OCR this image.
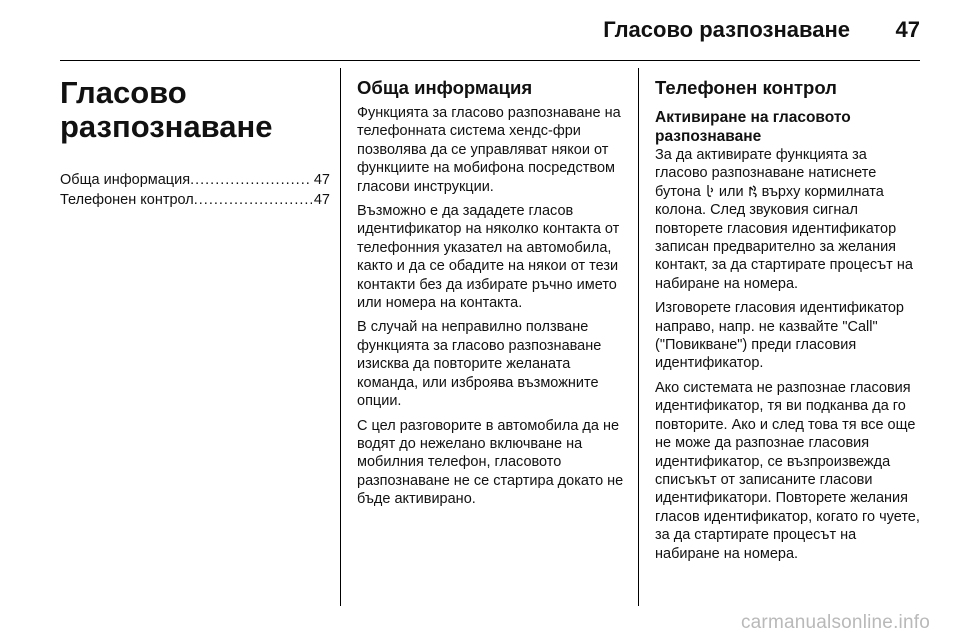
Гласово разпознаване 47
Гласово
разпознаване
Обща информация .....	47
Телефонен контрол .....	47
Обща информация

Функцията за гласово разпознаване на телефонната система хендс-фри позволява да се управляват някои от функциите на мобифона посредством гласови инструкции.

Възможно е да зададете гласов идентификатор на няколко контакта от телефонния указател на автомобила, както и да се обадите на някои от тези контакти без да избирате ръчно името или номера на контакта.

В случай на неправилно ползване функцията за гласово разпознаване изисква да повторите желаната команда, или изброява възможните опции.

С цел разговорите в автомобила да не водят до нежелано включване на мобилния телефон, гласовото разпознаване не се стартира докато не бъде активирано.

Телефонен контрол
Активиране на гласовото разпознаване

За да активирате функцията за гласово разпознаване натиснете бутона  или  върху кормилната колона. След звуковия сигнал повторете гласовия идентификатор записан предварително за желания контакт, за да стартирате процесът на набиране на номера.

Изговорете гласовия идентификатор направо, напр. не казвайте "Call" ("Повикване") преди гласовия идентификатор.

Ако системата не разпознае гласовия идентификатор, тя ви подканва да го повторите. Ако и след това тя все още не може да разпознае гласовия идентификатор, се възпроизвежда списъкът от записаните гласови идентификатори. Повторете желания гласов идентификатор, когато го чуете, за да стартирате процесът на набиране на номера.

carmanualsonline.info
